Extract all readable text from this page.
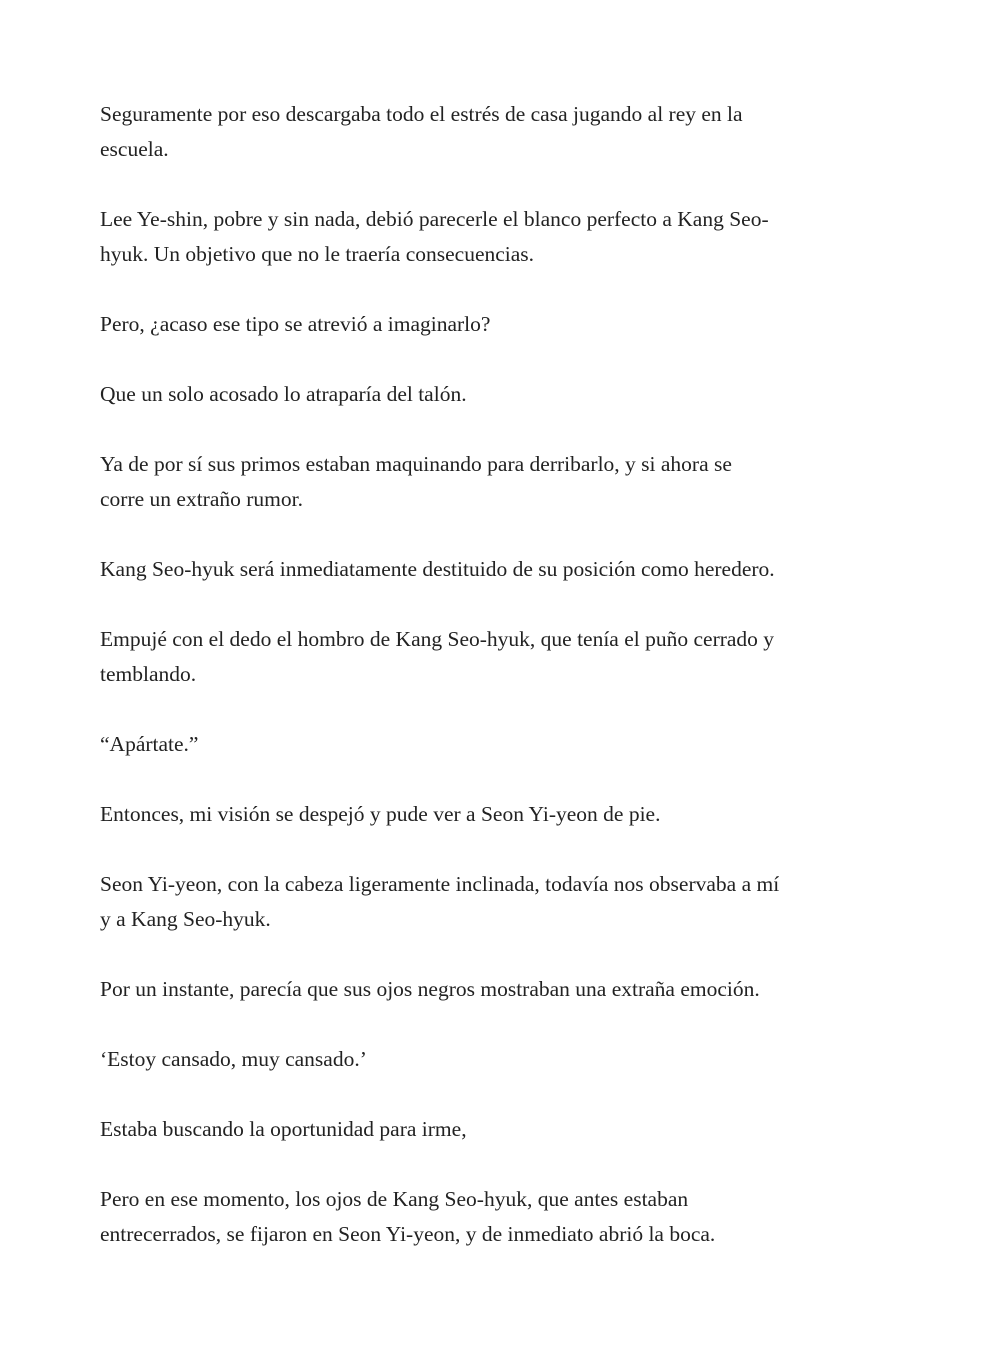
Seguramente por eso descargaba todo el estrés de casa jugando al rey en la
escuela.

Lee Ye-shin, pobre y sin nada, debió parecerle el blanco perfecto a Kang Seo-
hyuk. Un objetivo que no le traería consecuencias.

Pero, ¿acaso ese tipo se atrevió a imaginarlo?

Que un solo acosado lo atraparía del talón.

Ya de por sí sus primos estaban maquinando para derribarlo, y si ahora se
corre un extraño rumor.

Kang Seo-hyuk será inmediatamente destituido de su posición como heredero.

Empujé con el dedo el hombro de Kang Seo-hyuk, que tenía el puño cerrado y
temblando.

“Apártate.”

Entonces, mi visión se despejó y pude ver a Seon Yi-yeon de pie.

Seon Yi-yeon, con la cabeza ligeramente inclinada, todavía nos observaba a mí
y a Kang Seo-hyuk.

Por un instante, parecía que sus ojos negros mostraban una extraña emoción.

‘Estoy cansado, muy cansado.’

Estaba buscando la oportunidad para irme,

Pero en ese momento, los ojos de Kang Seo-hyuk, que antes estaban
entrecerrados, se fijaron en Seon Yi-yeon, y de inmediato abrió la boca.
